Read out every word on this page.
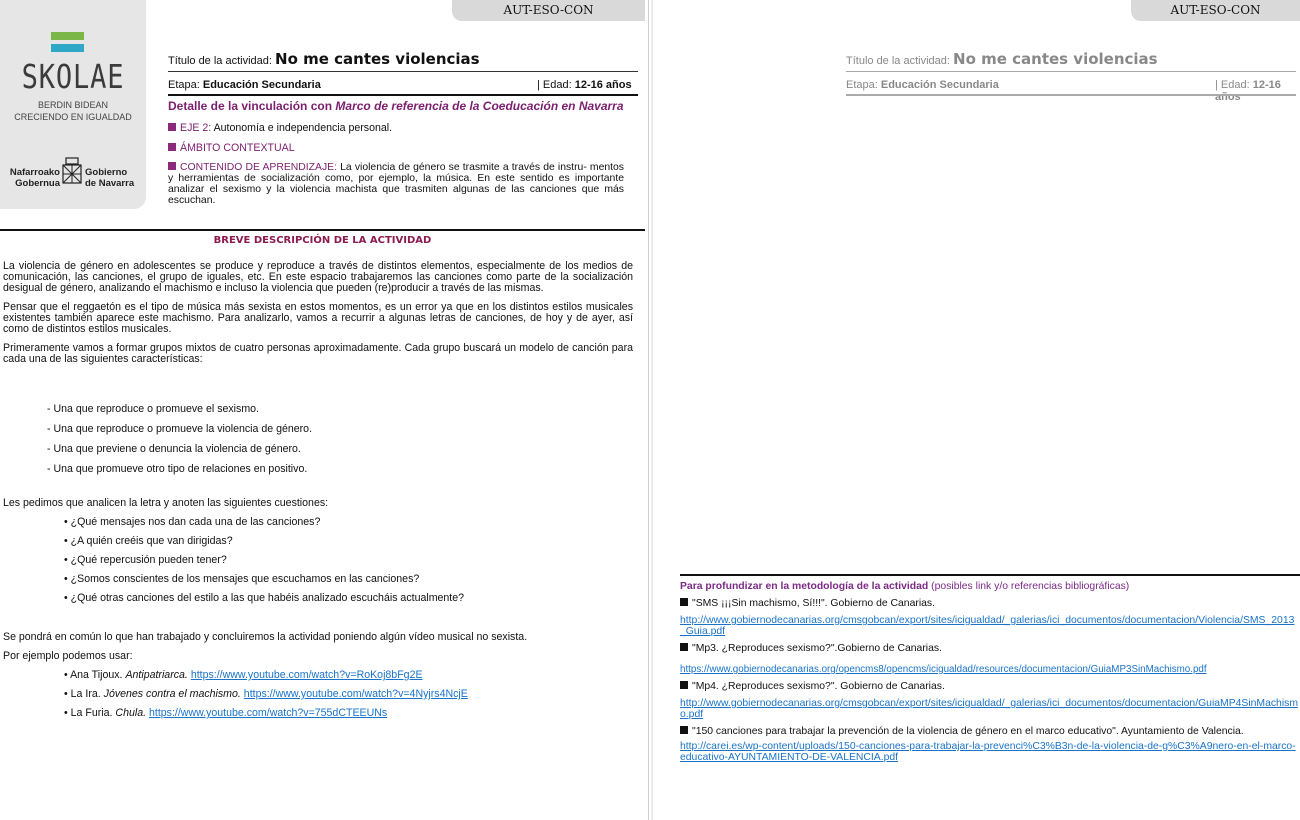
AUT-ESO-CON
SKOLAE
BERDIN BIDEAN
CRECIENDO EN IGUALDAD
Nafarroako
Gobernua
Gobierno
de Navarra
Título de la actividad: No me cantes violencias
Etapa: Educación Secundaria	| Edad: 12-16 años
Detalle de la vinculación con Marco de referencia de la Coeducación en Navarra
EJE 2: Autonomía e independencia personal.
ÁMBITO CONTEXTUAL
CONTENIDO DE APRENDIZAJE: La violencia de género se trasmite a través de instru- mentos y herramientas de socialización como, por ejemplo, la música. En este sentido es importante analizar el sexismo y la violencia machista que trasmiten algunas de las canciones que más escuchan.
BREVE DESCRIPCIÓN DE LA ACTIVIDAD

La violencia de género en adolescentes se produce y reproduce a través de distintos elementos, especialmente de los medios de comunicación, las canciones, el grupo de iguales, etc. En este espacio trabajaremos las canciones como parte de la socialización desigual de género, analizando el machismo e incluso la violencia que pueden (re)producir a través de las mismas.

Pensar que el reggaetón es el tipo de música más sexista en estos momentos, es un error ya que en los distintos estilos musicales existentes también aparece este machismo. Para analizarlo, vamos a recurrir a algunas letras de canciones, de hoy y de ayer, así como de distintos estilos musicales.

Primeramente vamos a formar grupos mixtos de cuatro personas aproximadamente. Cada grupo buscará un modelo de canción para cada una de las siguientes características:

- Una que reproduce o promueve el sexismo.
- Una que reproduce o promueve la violencia de género.
- Una que previene o denuncia la violencia de género.
- Una que promueve otro tipo de relaciones en positivo.
Les pedimos que analicen la letra y anoten las siguientes cuestiones:
• ¿Qué mensajes nos dan cada una de las canciones?
• ¿A quién creéis que van dirigidas?
• ¿Qué repercusión pueden tener?
• ¿Somos conscientes de los mensajes que escuchamos en las canciones?
• ¿Qué otras canciones del estilo a las que habéis analizado escucháis actualmente?
Se pondrá en común lo que han trabajado y concluiremos la actividad poniendo algún vídeo musical no sexista.
Por ejemplo podemos usar:
• Ana Tijoux. Antipatriarca. https://www.youtube.com/watch?v=RoKoj8bFg2E
• La Ira. Jóvenes contra el machismo. https://www.youtube.com/watch?v=4Nyjrs4NcjE
• La Furia. Chula. https://www.youtube.com/watch?v=755dCTEEUNs
AUT-ESO-CON
Título de la actividad: No me cantes violencias
Etapa: Educación Secundaria	| Edad: 12-16 años
Para profundizar en la metodología de la actividad (posibles link y/o referencias bibliográficas)
"SMS ¡¡¡Sin machismo, Sí!!!". Gobierno de Canarias.
http://www.gobiernodecanarias.org/cmsgobcan/export/sites/icigualdad/_galerias/ici_documentos/documentacion/Violencia/SMS_2013_Guia.pdf
"Mp3. ¿Reproduces sexismo?".Gobierno de Canarias.
https://www.gobiernodecanarias.org/opencms8/opencms/icigualdad/resources/documentacion/GuiaMP3SinMachismo.pdf
"Mp4. ¿Reproduces sexismo?". Gobierno de Canarias.
http://www.gobiernodecanarias.org/cmsgobcan/export/sites/icigualdad/_galerias/ici_documentos/documentacion/GuiaMP4SinMachismo.pdf
"150 canciones para trabajar la prevención de la violencia de género en el marco educativo". Ayuntamiento de Valencia.
http://carei.es/wp-content/uploads/150-canciones-para-trabajar-la-prevenci%C3%B3n-de-la-violencia-de-g%C3%A9nero-en-el-marco-educativo-AYUNTAMIENTO-DE-VALENCIA.pdf
